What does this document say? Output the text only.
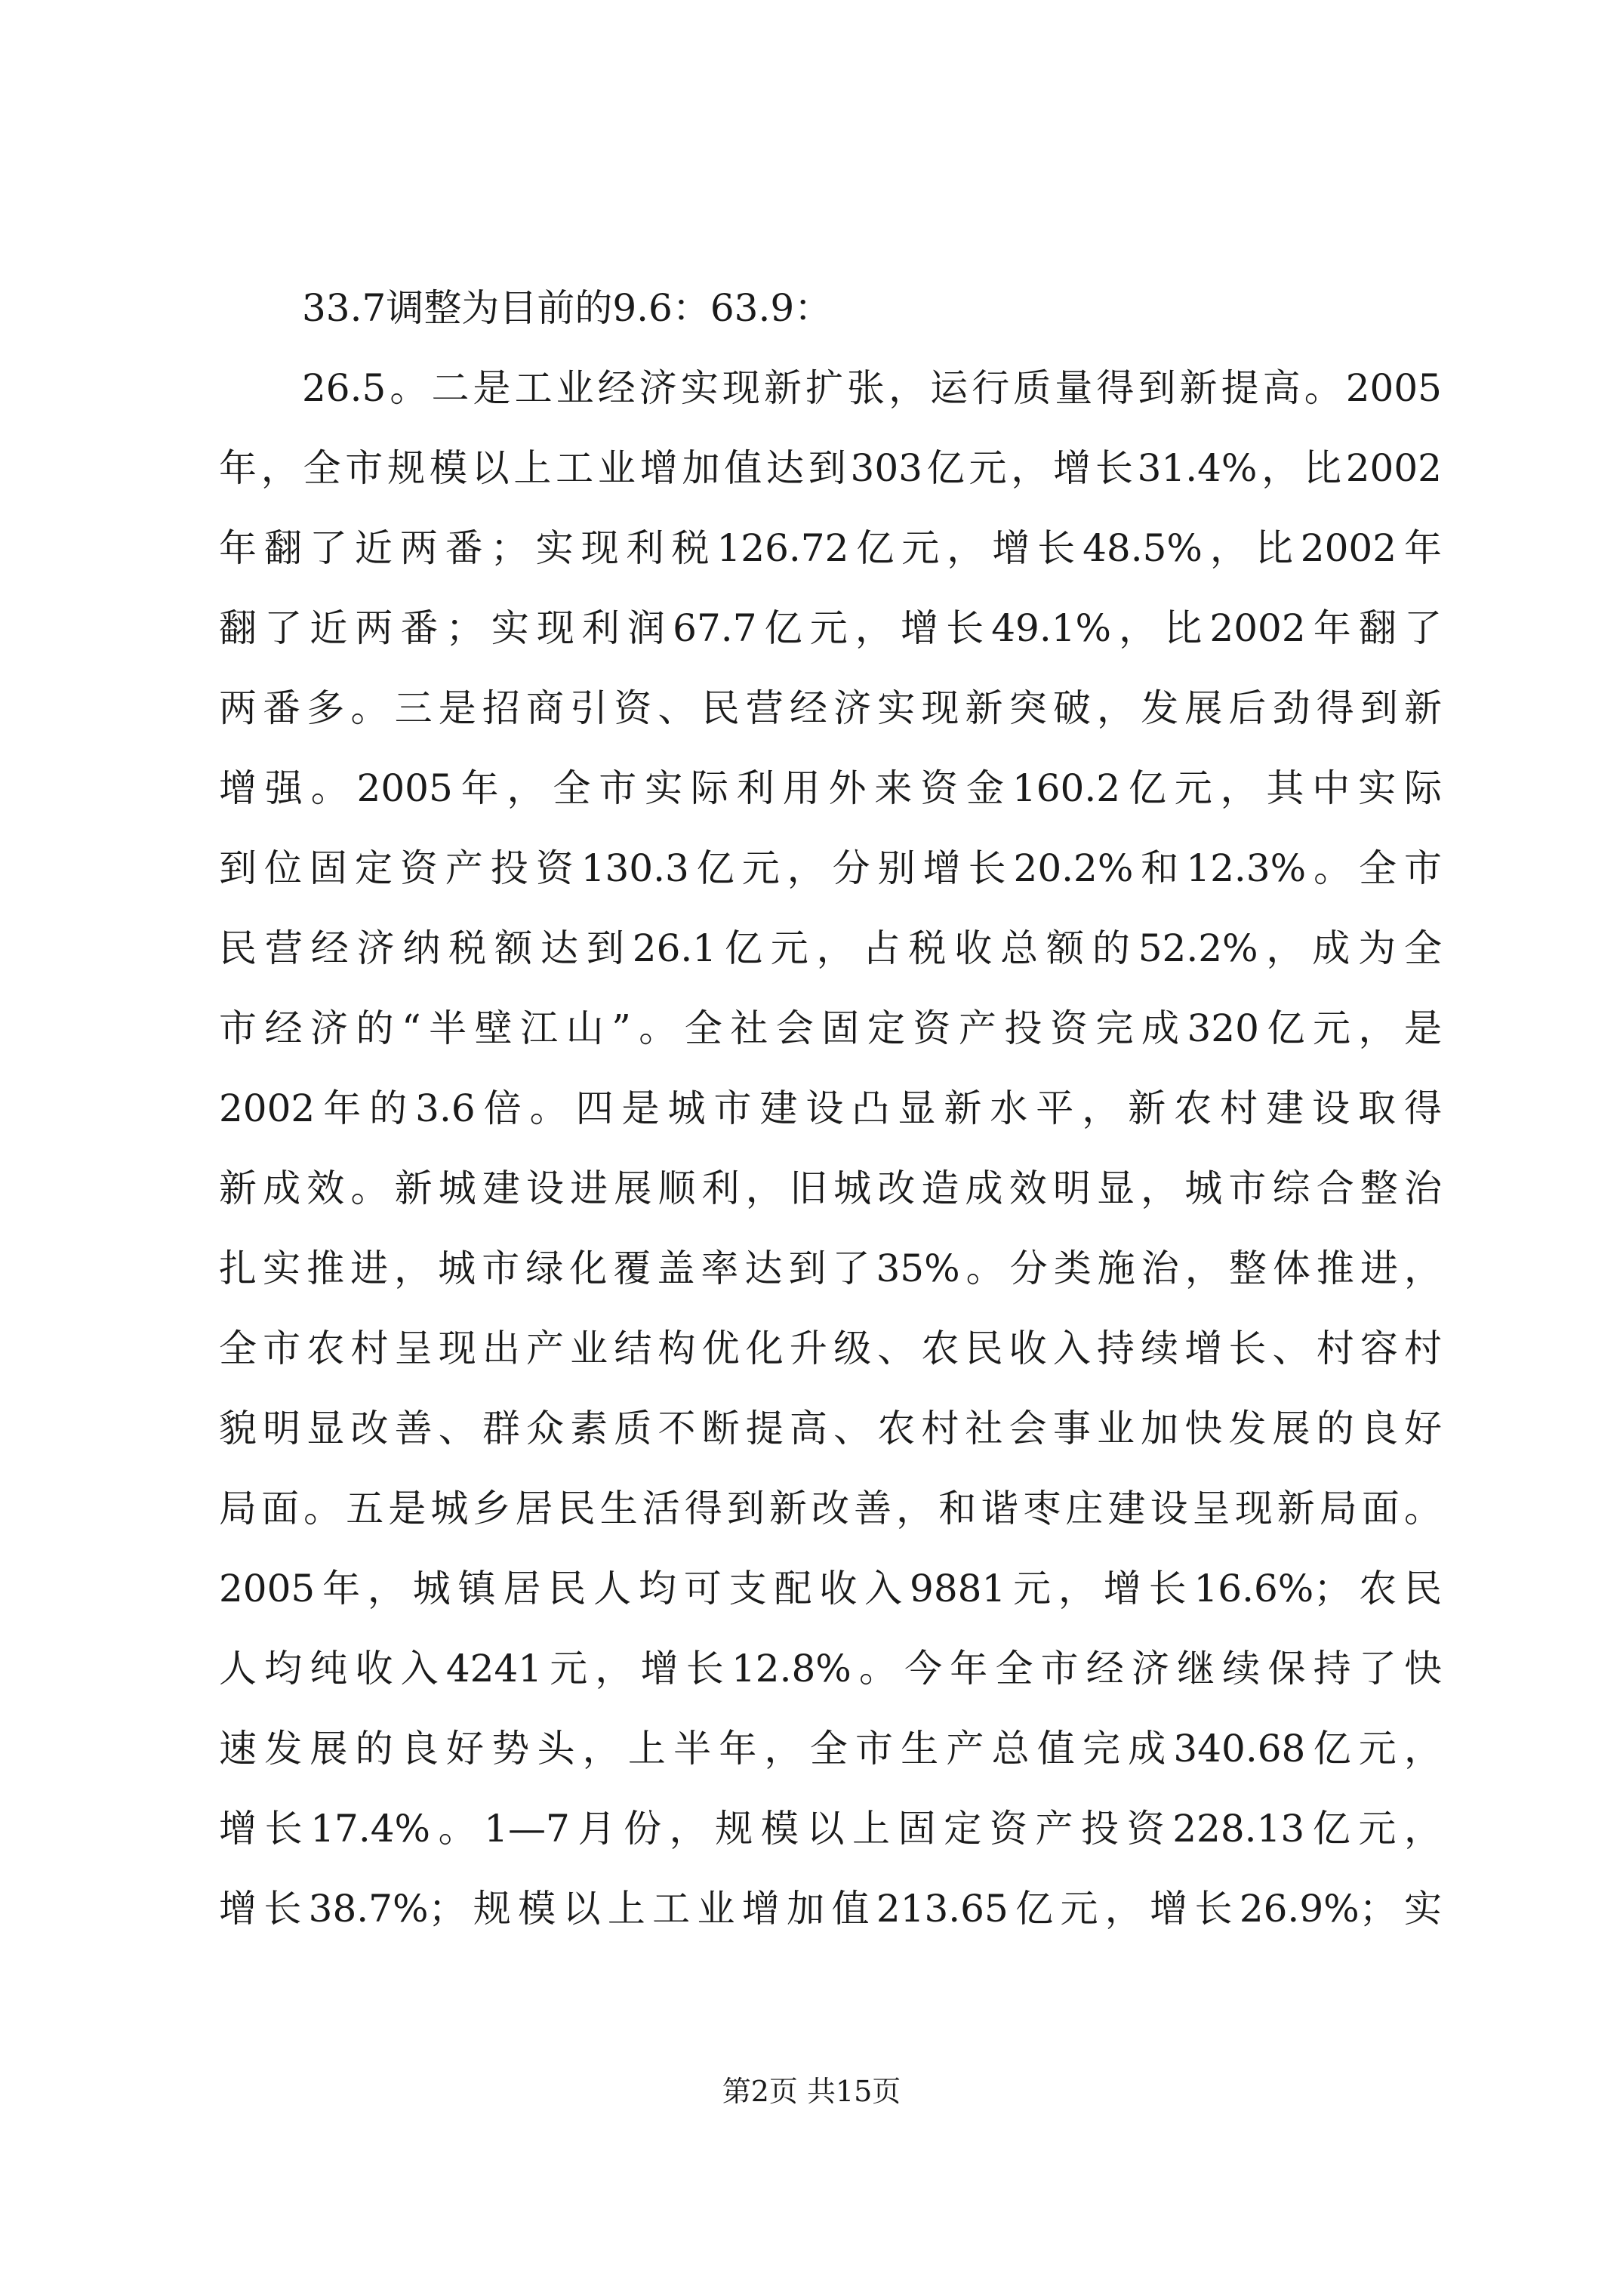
33.7调整为目前的9.6：63.9：
26.5。二是工业经济实现新扩张，运行质量得到新提高。2005
年，全市规模以上工业增加值达到303亿元，增长31.4%，比2002
年翻了近两番；实现利税126.72亿元，增长48.5%，比2002年
翻了近两番；实现利润67.7亿元，增长49.1%，比2002年翻了
两番多。三是招商引资、民营经济实现新突破，发展后劲得到新
增强。2005年，全市实际利用外来资金160.2亿元，其中实际
到位固定资产投资130.3亿元，分别增长20.2%和12.3%。全市
民营经济纳税额达到26.1亿元，占税收总额的52.2%，成为全
市经济的“半壁江山”。全社会固定资产投资完成320亿元，是
2002年的3.6倍。四是城市建设凸显新水平，新农村建设取得
新成效。新城建设进展顺利，旧城改造成效明显，城市综合整治
扎实推进，城市绿化覆盖率达到了35%。分类施治，整体推进，
全市农村呈现出产业结构优化升级、农民收入持续增长、村容村
貌明显改善、群众素质不断提高、农村社会事业加快发展的良好
局面。五是城乡居民生活得到新改善，和谐枣庄建设呈现新局面。
2005年，城镇居民人均可支配收入9881元，增长16.6%；农民
人均纯收入4241元，增长12.8%。今年全市经济继续保持了快
速发展的良好势头，上半年，全市生产总值完成340.68亿元，
增长17.4%。1—7月份，规模以上固定资产投资228.13亿元，
增长38.7%；规模以上工业增加值213.65亿元，增长26.9%；实
第2页 共15页
